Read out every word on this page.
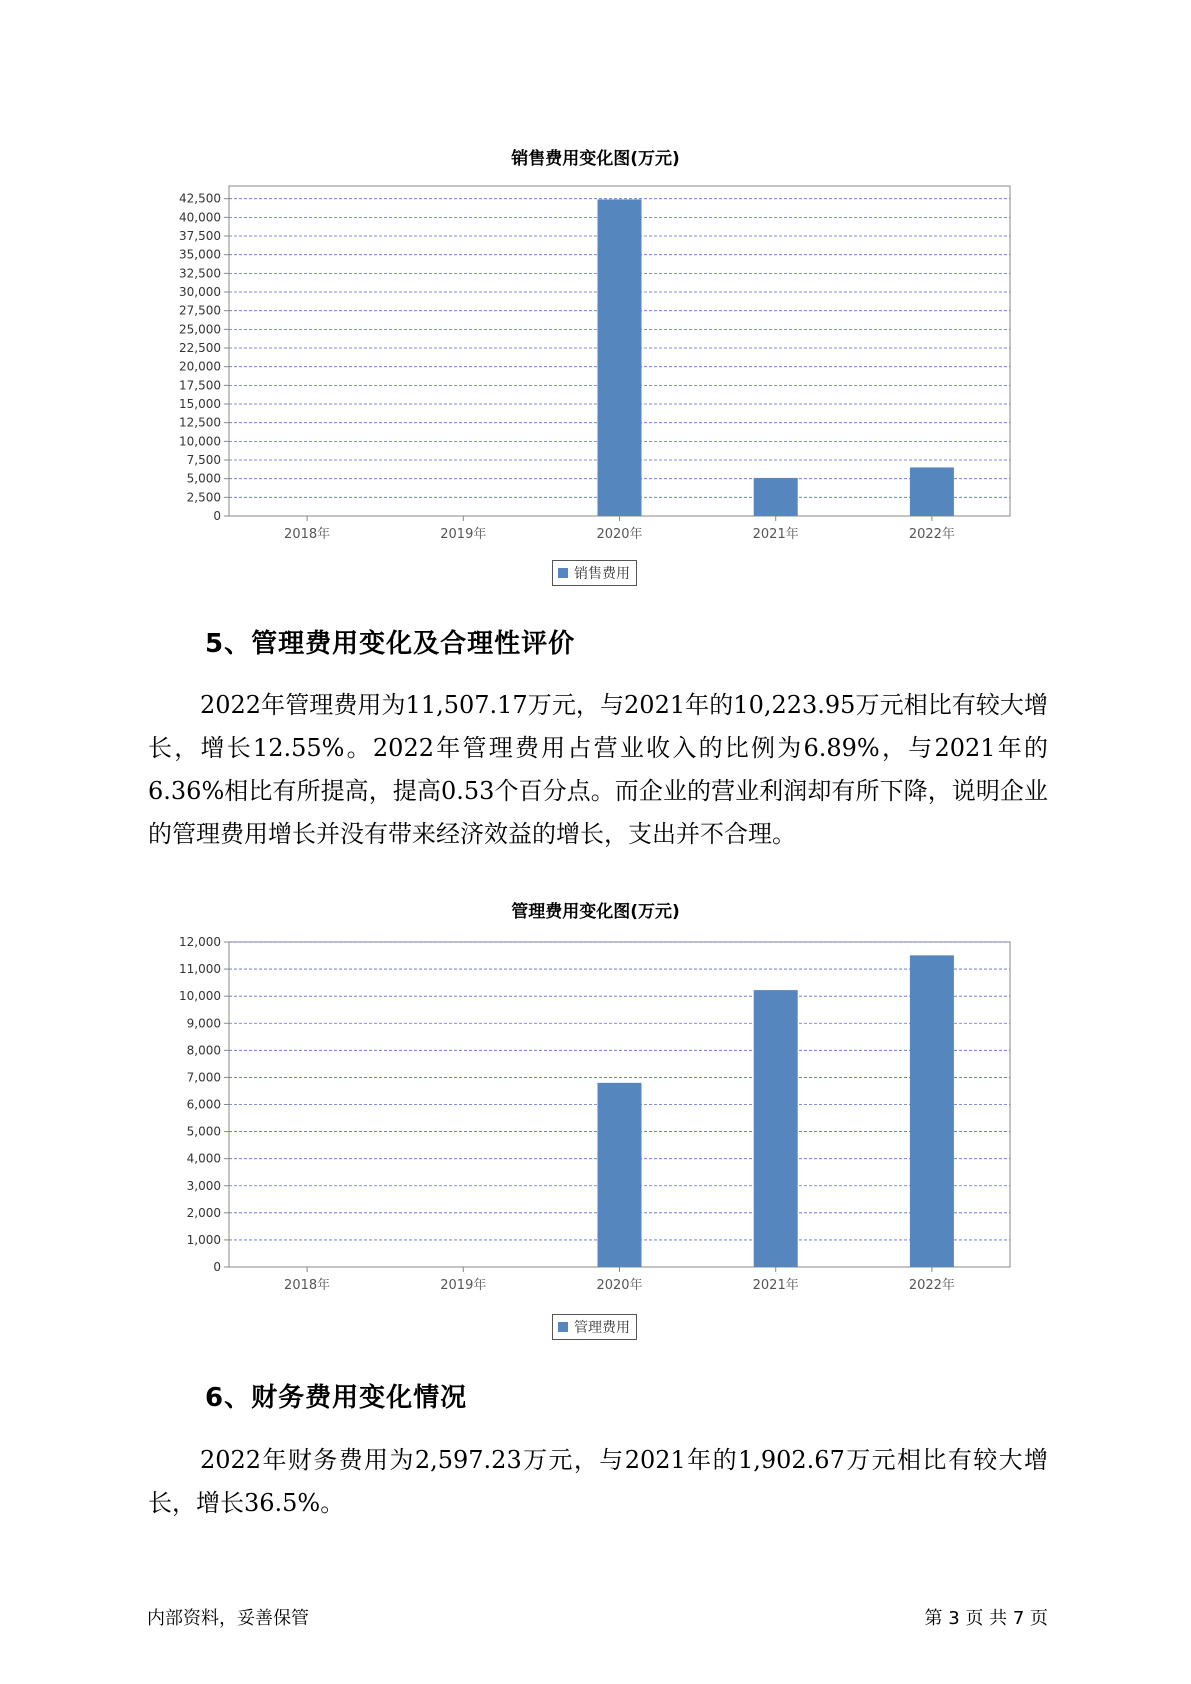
销售费用变化图(万元)
0
2,500
5,000
7,500
10,000
12,500
15,000
17,500
20,000
22,500
25,000
27,500
30,000
32,500
35,000
37,500
40,000
42,500
2018年	2019年	2020年	2021年	2022年
销售费用
5、管理费用变化及合理性评价

2022年管理费用为11,507.17万元，与2021年的10,223.95万元相比有较大增长，增长12.55%。2022年管理费用占营业收入的比例为6.89%，与2021年的6.36%相比有所提高，提高0.53个百分点。而企业的营业利润却有所下降，说明企业的管理费用增长并没有带来经济效益的增长，支出并不合理。

管理费用变化图(万元)
0
1,000
2,000
3,000
4,000
5,000
6,000
7,000
8,000
9,000
10,000
11,000
12,000
2018年	2019年	2020年	2021年	2022年
管理费用
6、财务费用变化情况

2022年财务费用为2,597.23万元，与2021年的1,902.67万元相比有较大增长，增长36.5%。

内部资料，妥善保管	第 3 页 共 7 页
